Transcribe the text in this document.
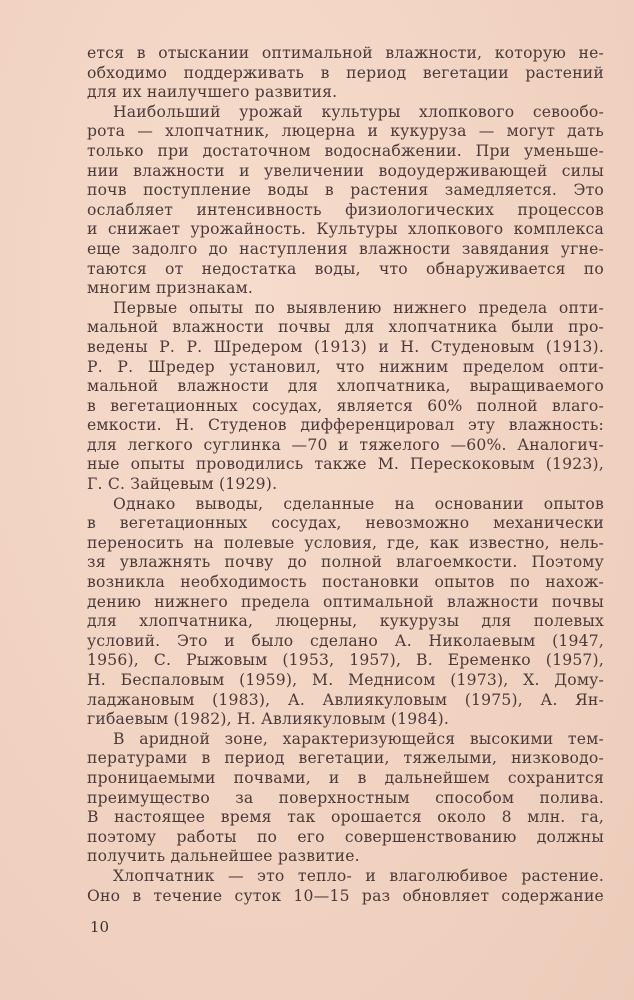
ется в отыскании оптимальной влажности, которую не-
обходимо поддерживать в период вегетации растений
для их наилучшего развития.
Наибольший урожай культуры хлопкового севообо-
рота — хлопчатник, люцерна и кукуруза — могут дать
только при достаточном водоснабжении. При уменьше-
нии влажности и увеличении водоудерживающей силы
почв поступление воды в растения замедляется. Это
ослабляет интенсивность физиологических процессов
и снижает урожайность. Культуры хлопкового комплекса
еще задолго до наступления влажности завядания угне-
таются от недостатка воды, что обнаруживается по
многим признакам.
Первые опыты по выявлению нижнего предела опти-
мальной влажности почвы для хлопчатника были про-
ведены Р. Р. Шредером (1913) и Н. Студеновым (1913).
Р. Р. Шредер установил, что нижним пределом опти-
мальной влажности для хлопчатника, выращиваемого
в вегетационных сосудах, является 60% полной влаго-
емкости. Н. Студенов дифференцировал эту влажность:
для легкого суглинка —70 и тяжелого —60%. Аналогич-
ные опыты проводились также М. Перескоковым (1923),
Г. С. Зайцевым (1929).
Однако выводы, сделанные на основании опытов
в вегетационных сосудах, невозможно механически
переносить на полевые условия, где, как известно, нель-
зя увлажнять почву до полной влагоемкости. Поэтому
возникла необходимость постановки опытов по нахож-
дению нижнего предела оптимальной влажности почвы
для хлопчатника, люцерны, кукурузы для полевых
условий. Это и было сделано А. Николаевым (1947,
1956), С. Рыжовым (1953, 1957), В. Еременко (1957),
Н. Беспаловым (1959), М. Меднисом (1973), Х. Дому-
ладжановым (1983), А. Авлиякуловым (1975), А. Ян-
гибаевым (1982), Н. Авлиякуловым (1984).
В аридной зоне, характеризующейся высокими тем-
пературами в период вегетации, тяжелыми, низководо-
проницаемыми почвами, и в дальнейшем сохранится
преимущество за поверхностным способом полива.
В настоящее время так орошается около 8 млн. га,
поэтому работы по его совершенствованию должны
получить дальнейшее развитие.
Хлопчатник — это тепло- и влаголюбивое растение.
Оно в течение суток 10—15 раз обновляет содержание
10
